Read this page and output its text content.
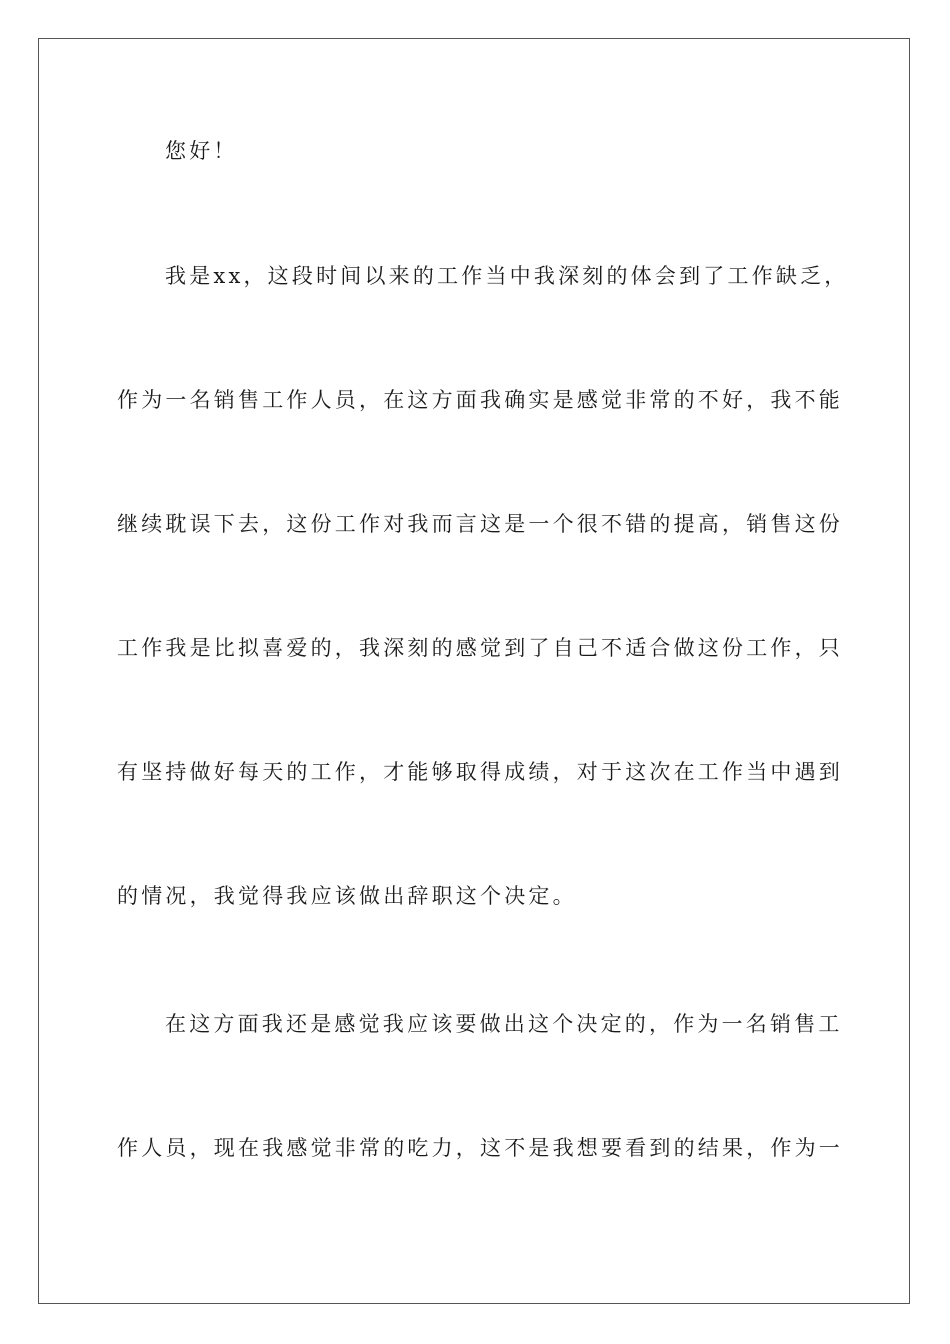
您好！
我是xx，这段时间以来的工作当中我深刻的体会到了工作缺乏，
作为一名销售工作人员，在这方面我确实是感觉非常的不好，我不能
继续耽误下去，这份工作对我而言这是一个很不错的提高，销售这份
工作我是比拟喜爱的，我深刻的感觉到了自己不适合做这份工作，只
有坚持做好每天的工作，才能够取得成绩，对于这次在工作当中遇到
的情况，我觉得我应该做出辞职这个决定。
在这方面我还是感觉我应该要做出这个决定的，作为一名销售工
作人员，现在我感觉非常的吃力，这不是我想要看到的结果，作为一
